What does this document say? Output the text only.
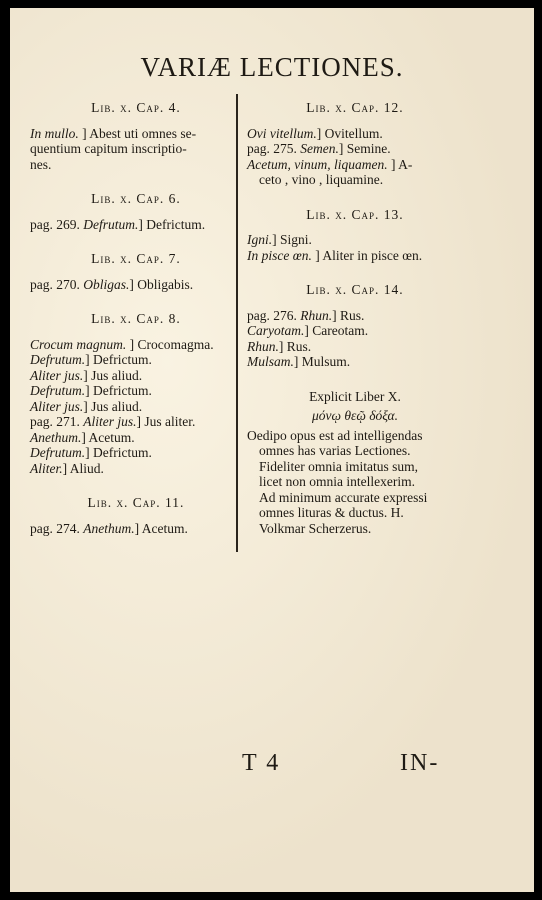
VARIÆ LECTIONES.

Lib. x. Cap. 4.

In mullo. ] Abest uti omnes se-

quentium capitum inscriptio-

nes.

Lib. x. Cap. 6.

pag. 269. Defrutum.] Defrictum.

Lib. x. Cap. 7.

pag. 270. Obligas.] Obligabis.

Lib. x. Cap. 8.

Crocum magnum. ] Crocomagma.

Defrutum.] Defrictum.

Aliter jus.] Jus aliud.

Defrutum.] Defrictum.

Aliter jus.] Jus aliud.

pag. 271. Aliter jus.] Jus aliter.

Anethum.] Acetum.

Defrutum.] Defrictum.

Aliter.] Aliud.

Lib. x. Cap. 11.

pag. 274. Anethum.] Acetum.

Lib. x. Cap. 12.

Ovi vitellum.] Ovitellum.

pag. 275. Semen.] Semine.

Acetum, vinum, liquamen. ] A-

ceto , vino , liquamine.

Lib. x. Cap. 13.

Igni.] Signi.

In pisce œn. ] Aliter in pisce œn.

Lib. x. Cap. 14.

pag. 276. Rhun.] Rus.

Caryotam.] Careotam.

Rhun.] Rus.

Mulsam.] Mulsum.

Explicit Liber X.

μόνῳ θεῷ δόξα.

Oedipo opus est ad intelligendas

omnes has varias Lectiones.

Fideliter omnia imitatus sum,

licet non omnia intellexerim.

Ad minimum accurate expressi

omnes lituras & ductus. H.

Volkmar Scherzerus.

T 4	IN-
